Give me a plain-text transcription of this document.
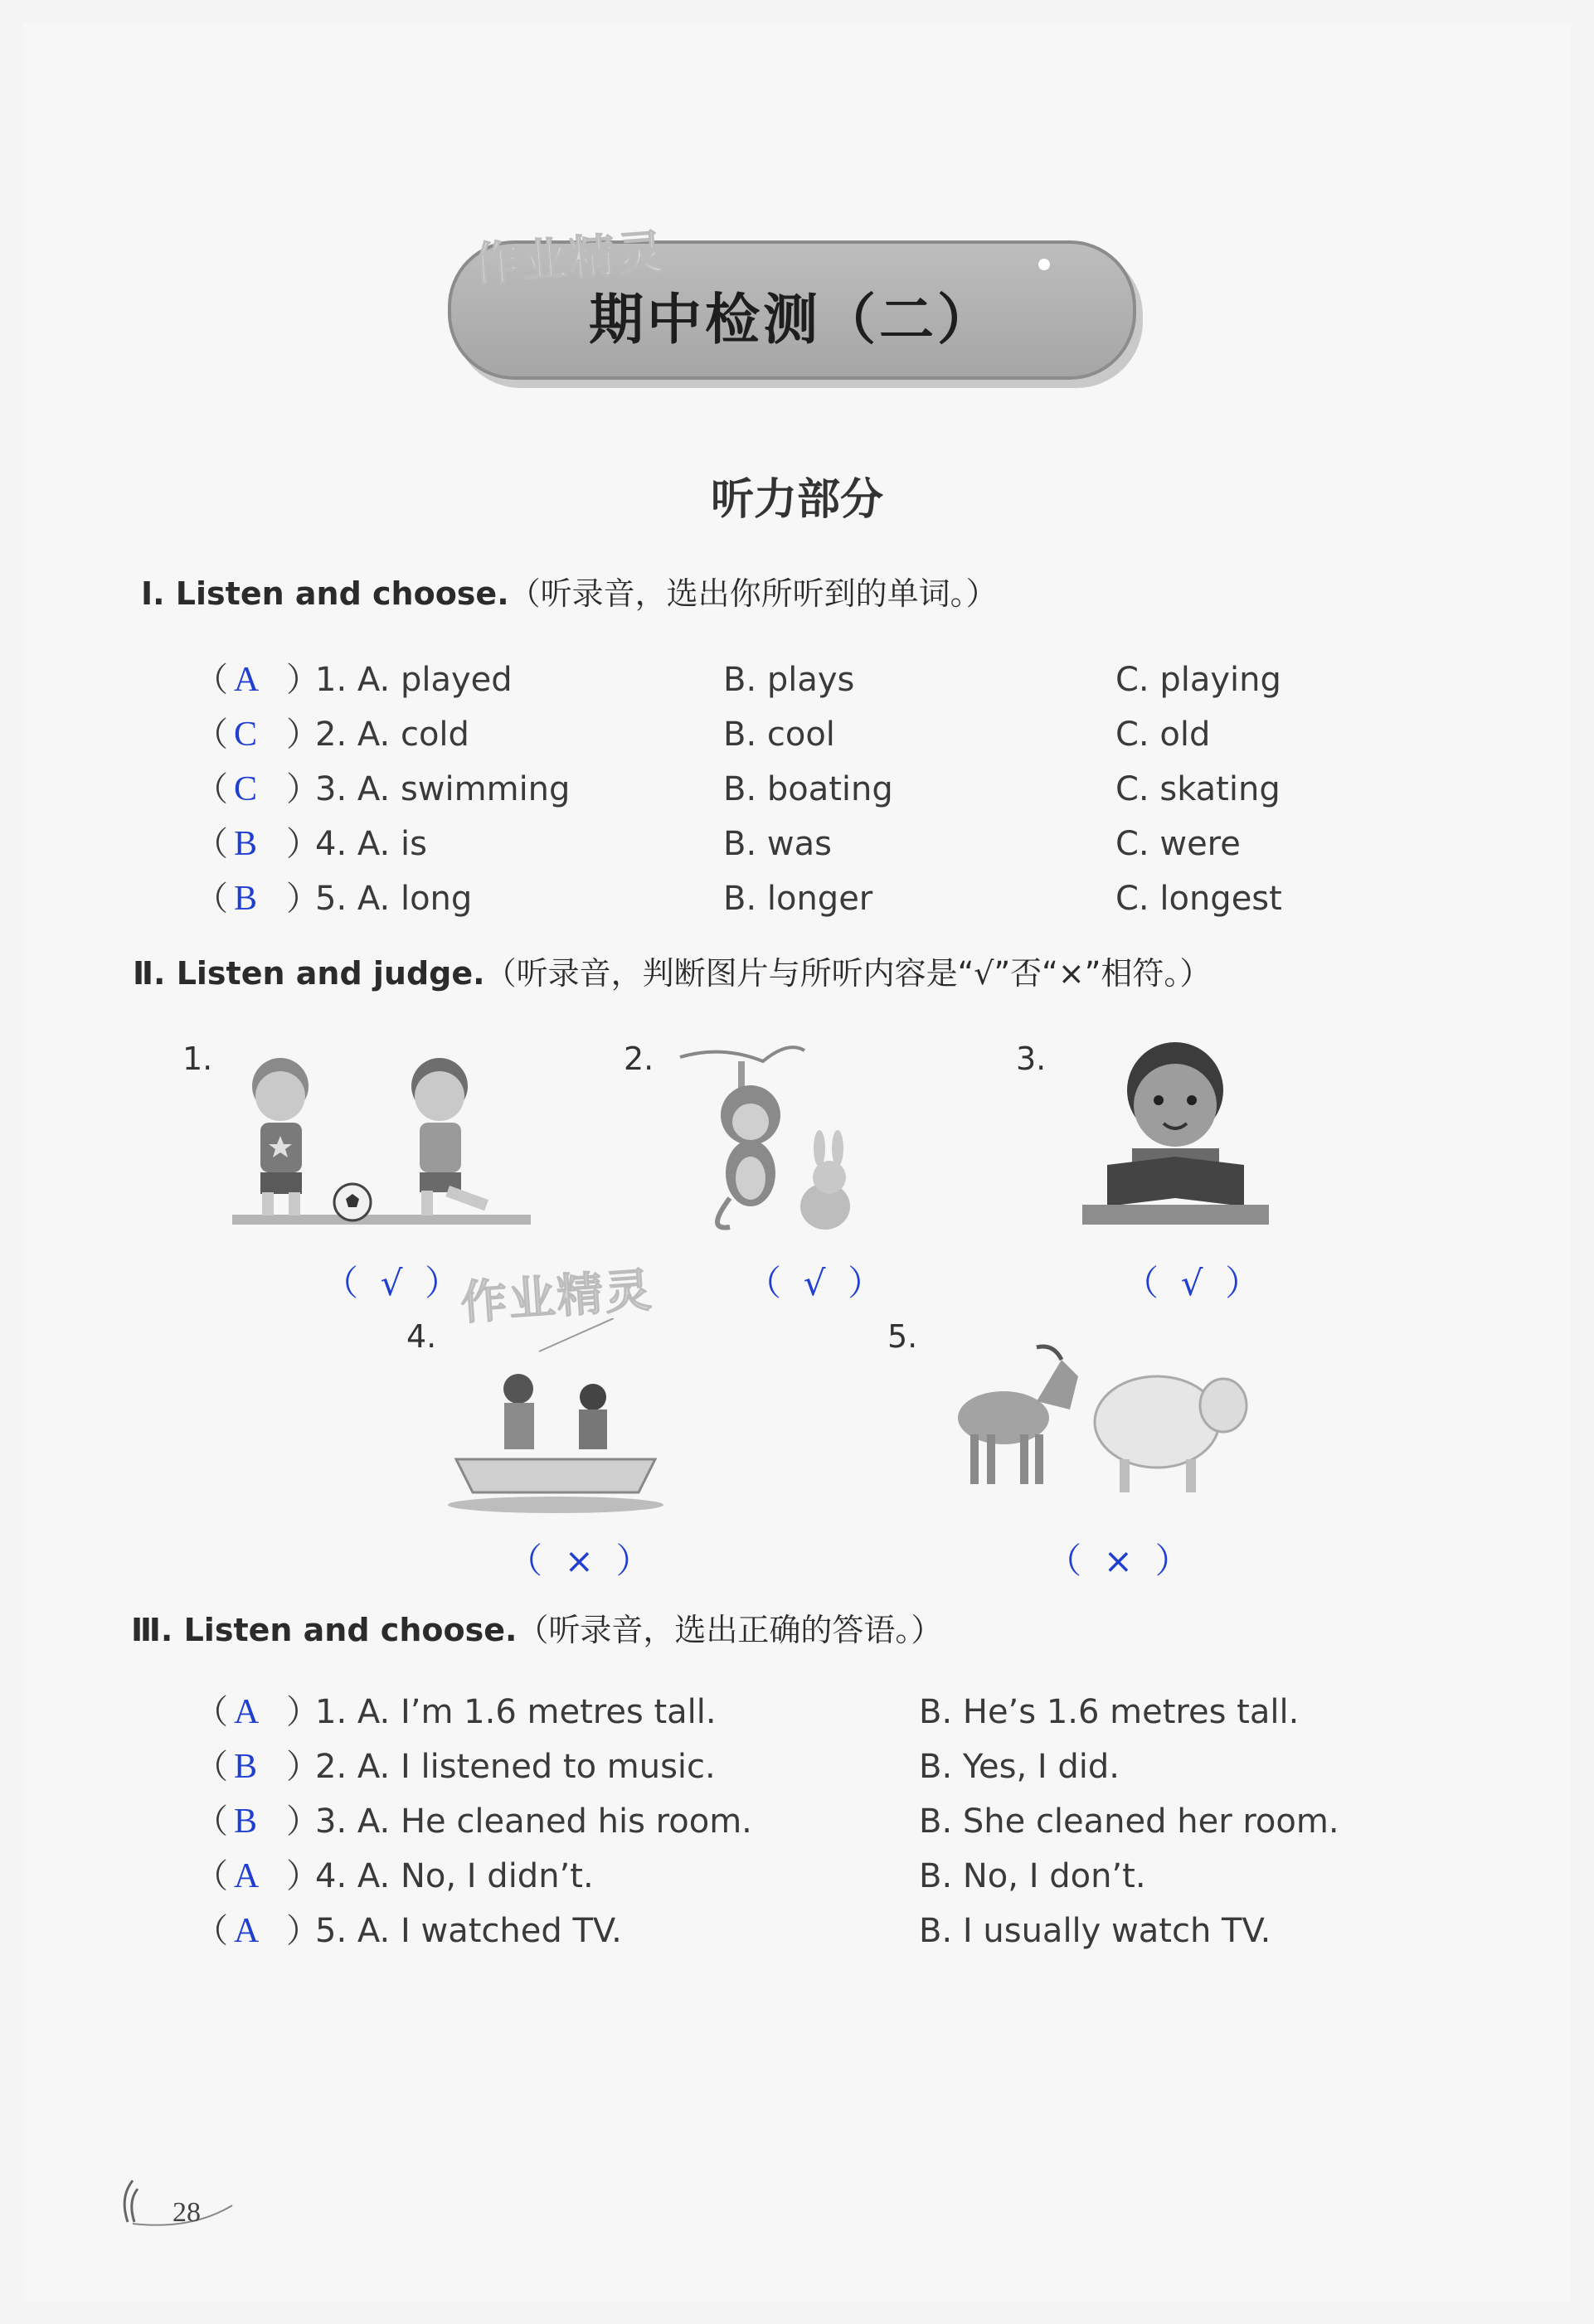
期中检测（二）
作业精灵
听力部分
Ⅰ. Listen and choose.（听录音，选出你所听到的单词。）
（ A ）
1. A. played	B. plays	C. playing
（ C ）
2. A. cold	B. cool	C. old
（ C ）
3. A. swimming	B. boating	C. skating
（ B ）
4. A. is	B. was	C. were
（ B ）
5. A. long	B. longer	C. longest
Ⅱ. Listen and judge.（听录音，判断图片与所听内容是“√”否“×”相符。）
1.
（  √  ）
2.
（  √  ）
3.
（  √  ）
作业精灵
4.
（  ×  ）
5.
（  ×  ）
Ⅲ. Listen and choose.（听录音，选出正确的答语。）
（ A ）
1. A. I’m 1.6 metres tall.	B. He’s 1.6 metres tall.
（ B ）
2. A. I listened to music.	B. Yes, I did.
（ B ）
3. A. He cleaned his room.	B. She cleaned her room.
（ A ）
4. A. No, I didn’t.	B. No, I don’t.
（ A ）
5. A. I watched TV.	B. I usually watch TV.
28
